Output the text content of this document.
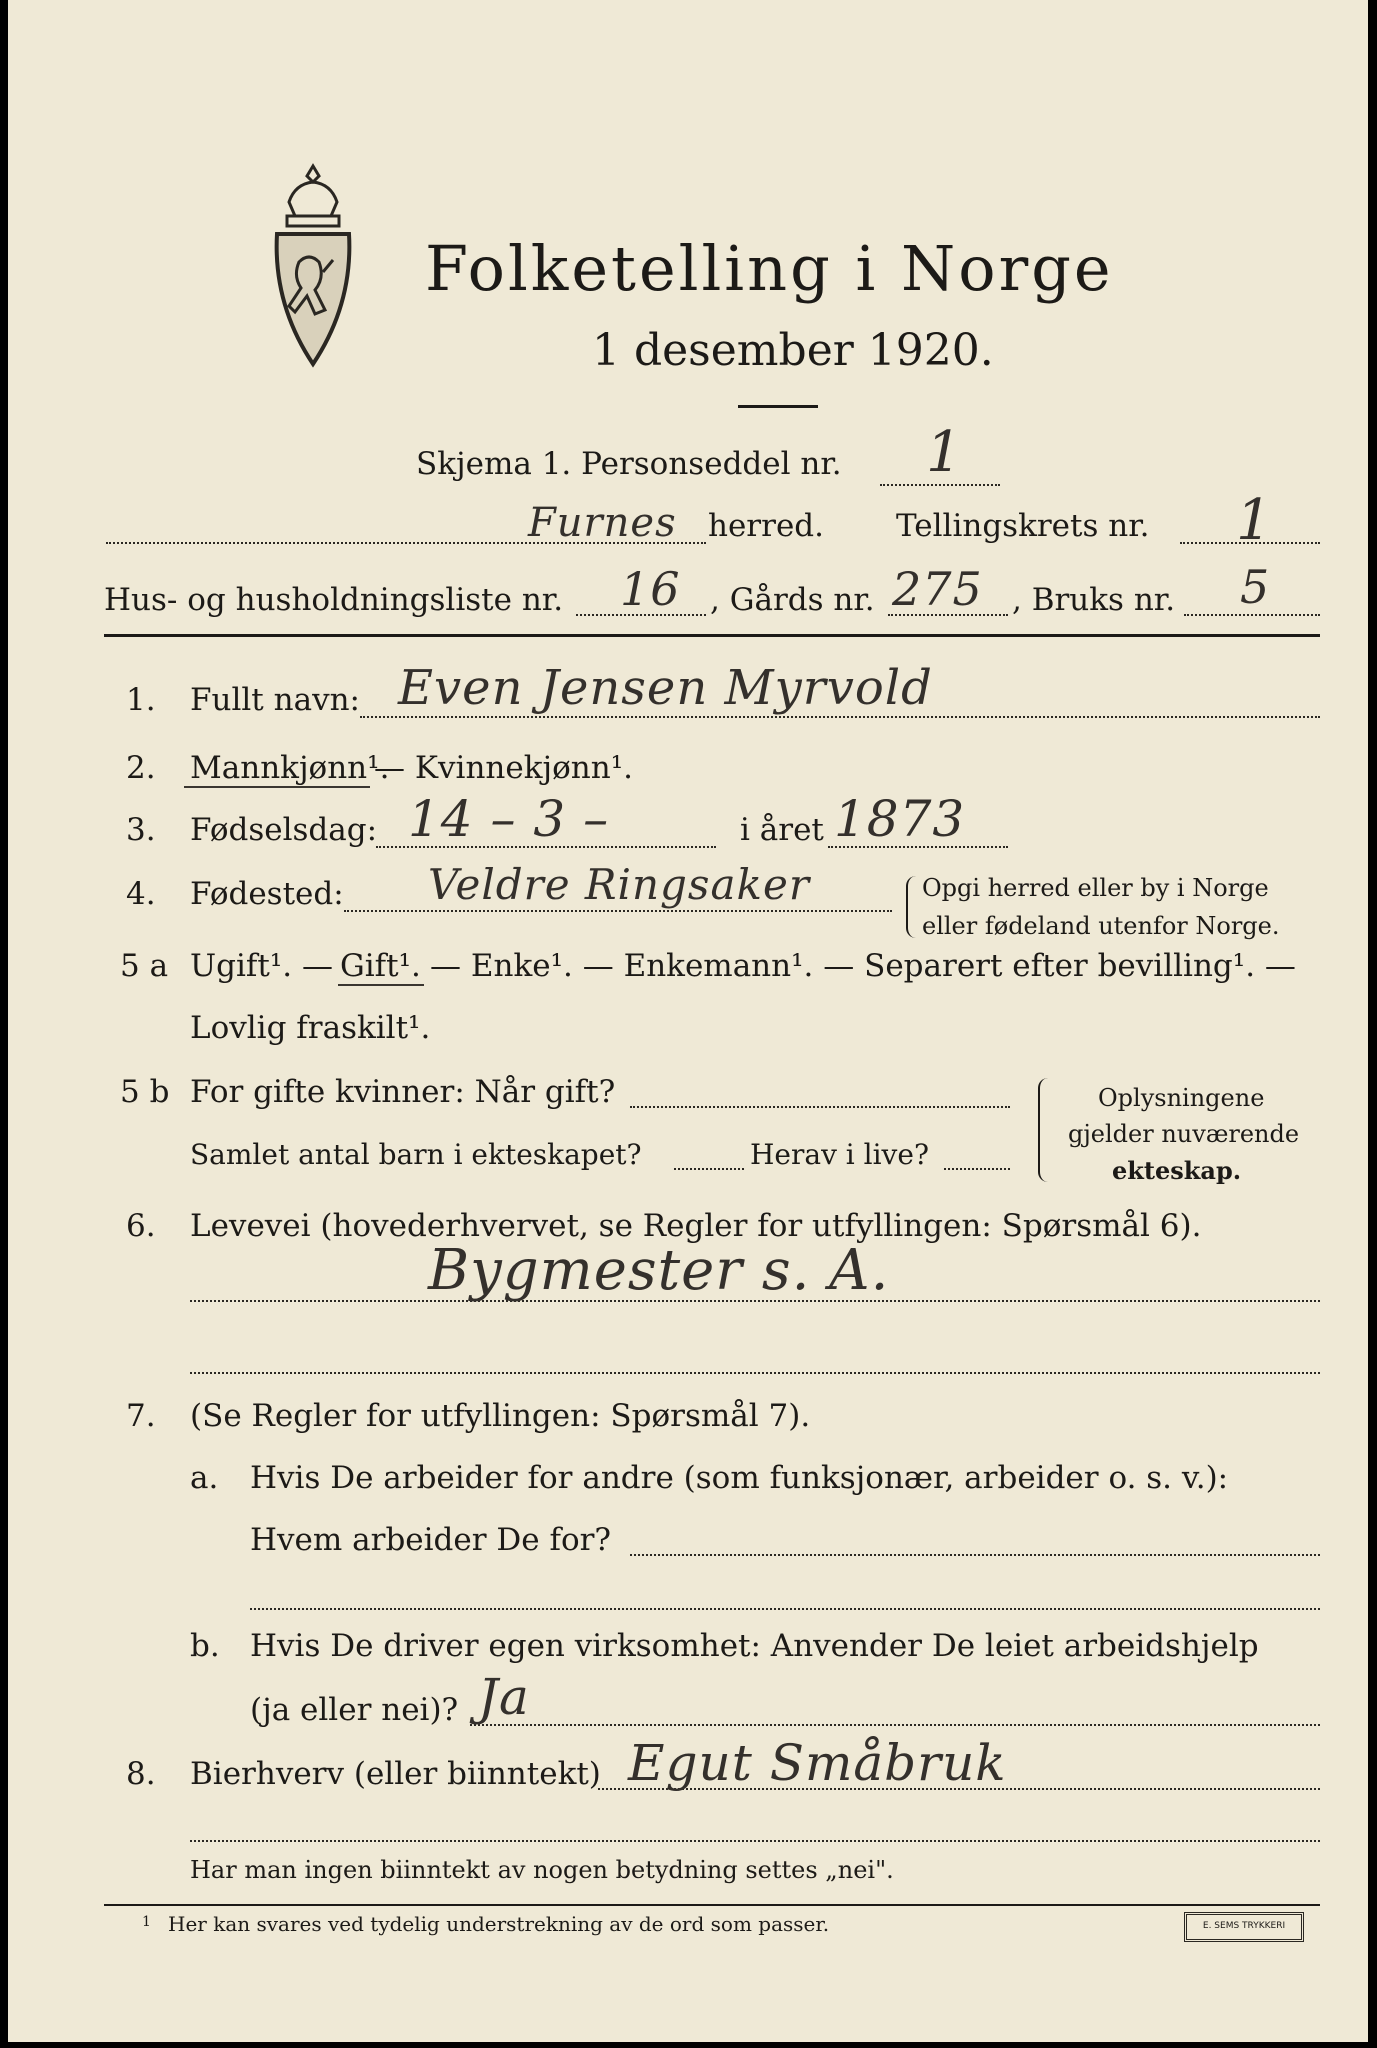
Folketelling i Norge
1 desember 1920.
Skjema 1. Personseddel nr. 1
Furnes herred. Tellingskrets nr. 1
Hus- og husholdningsliste nr. 16 , Gårds nr. 275 , Bruks nr. 5
1. Fullt navn: Even Jensen Myrvold
2. Mannkjønn¹.
— Kvinnekjønn¹.
3. Fødselsdag: 14 – 3 –	i året 1873
4. Fødested: Veldre Ringsaker	Opgi herred eller by i Norge
eller fødeland utenfor Norge.
5 a Ugift¹. — Gift¹. — Enke¹. — Enkemann¹. — Separert efter bevilling¹. —
Lovlig fraskilt¹.
5 b For gifte kvinner: Når gift?
Samlet antal barn i ekteskapet?	Herav i live?
Oplysningene
gjelder nuværende
ekteskap.
6. Levevei (hovederhvervet, se Regler for utfyllingen: Spørsmål 6).
Bygmester s. A.
7. (Se Regler for utfyllingen: Spørsmål 7).
a. Hvis De arbeider for andre (som funksjonær, arbeider o. s. v.):
Hvem arbeider De for?
b. Hvis De driver egen virksomhet: Anvender De leiet arbeidshjelp
(ja eller nei)? Ja
8. Bierhverv (eller biinntekt) Egut Småbruk
Har man ingen biinntekt av nogen betydning settes „nei".
1 Her kan svares ved tydelig understrekning av de ord som passer.	E. SEMS TRYKKERI
